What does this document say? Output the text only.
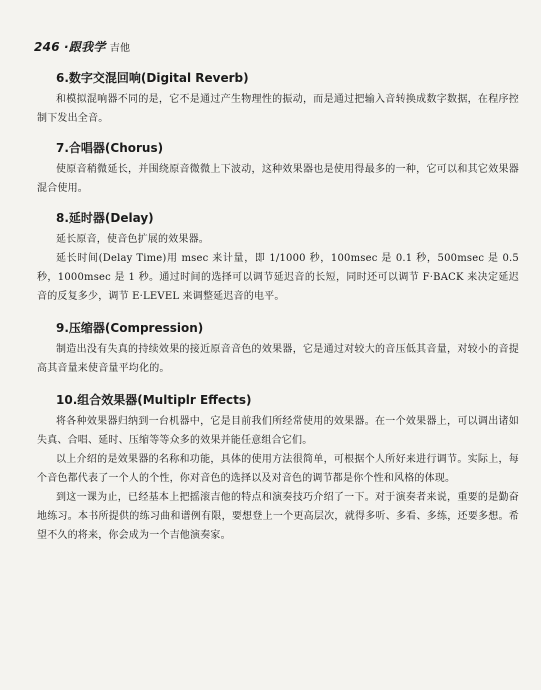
246 ·跟我学 吉他
6.数字交混回响(Digital Reverb)

和模拟混响器不同的是，它不是通过产生物理性的振动，而是通过把输入音转换成数字数据，在程序控制下发出全音。

7.合唱器(Chorus)

使原音稍微延长，并围绕原音微微上下波动，这种效果器也是使用得最多的一种，它可以和其它效果器混合使用。

8.延时器(Delay)

延长原音，使音色扩展的效果器。

延长时间(Delay Time)用 msec 来计量，即 1/1000 秒，100msec 是 0.1 秒，500msec 是 0.5 秒，1000msec 是 1 秒。通过时间的选择可以调节延迟音的长短，同时还可以调节 F·BACK 来决定延迟音的反复多少，调节 E·LEVEL 来调整延迟音的电平。

9.压缩器(Compression)

制造出没有失真的持续效果的接近原音音色的效果器，它是通过对较大的音压低其音量，对较小的音提高其音量来使音量平均化的。

10.组合效果器(Multiplr Effects)

将各种效果器归纳到一台机器中，它是目前我们所经常使用的效果器。在一个效果器上，可以调出诸如失真、合唱、延时、压缩等等众多的效果并能任意组合它们。

以上介绍的是效果器的名称和功能，具体的使用方法很简单，可根据个人所好来进行调节。实际上，每个音色都代表了一个人的个性，你对音色的选择以及对音色的调节都是你个性和风格的体现。

到这一课为止，已经基本上把摇滚吉他的特点和演奏技巧介绍了一下。对于演奏者来说，重要的是勤奋地练习。本书所提供的练习曲和谱例有限，要想登上一个更高层次，就得多听、多看、多练，还要多想。希望不久的将来，你会成为一个吉他演奏家。
